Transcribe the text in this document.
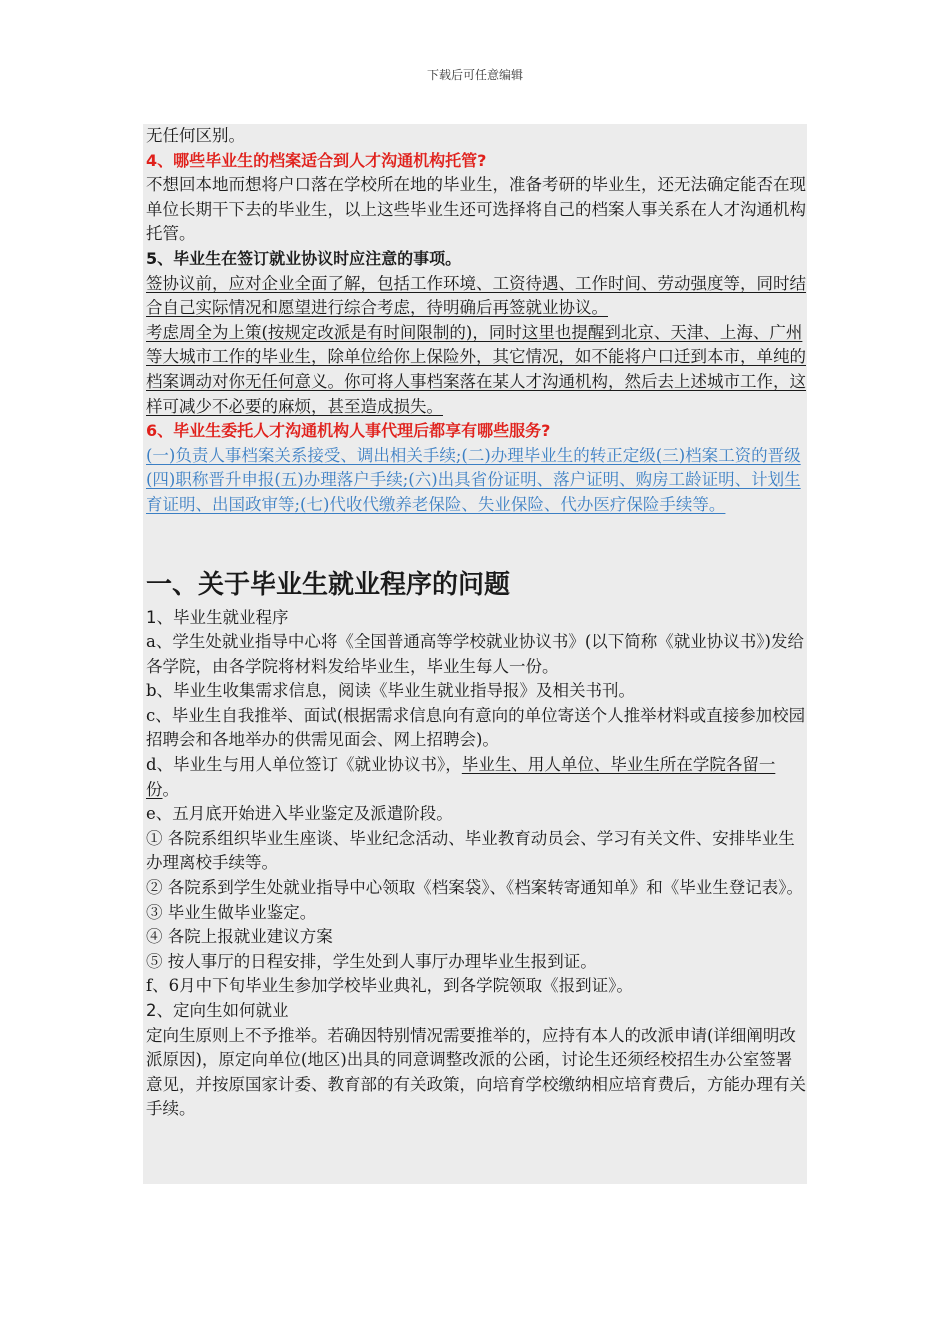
下载后可任意编辑

无任何区别。

4、哪些毕业生的档案适合到人才沟通机构托管?

不想回本地而想将户口落在学校所在地的毕业生，准备考研的毕业生，还无法确定能否在现单位长期干下去的毕业生，以上这些毕业生还可选择将自己的档案人事关系在人才沟通机构托管。

5、毕业生在签订就业协议时应注意的事项。

签协议前，应对企业全面了解，包括工作环境、工资待遇、工作时间、劳动强度等，同时结合自己实际情况和愿望进行综合考虑，待明确后再签就业协议。

考虑周全为上策(按规定改派是有时间限制的)，同时这里也提醒到北京、天津、上海、广州等大城市工作的毕业生，除单位给你上保险外，其它情况，如不能将户口迁到本市，单纯的档案调动对你无任何意义。你可将人事档案落在某人才沟通机构，然后去上述城市工作，这样可减少不必要的麻烦，甚至造成损失。

6、毕业生委托人才沟通机构人事代理后都享有哪些服务?

(一)负责人事档案关系接受、调出相关手续;(二)办理毕业生的转正定级(三)档案工资的晋级(四)职称晋升申报(五)办理落户手续;(六)出具省份证明、落户证明、购房工龄证明、计划生育证明、出国政审等;(七)代收代缴养老保险、失业保险、代办医疗保险手续等。

一、关于毕业生就业程序的问题

1、毕业生就业程序

a、学生处就业指导中心将《全国普通高等学校就业协议书》(以下简称《就业协议书》)发给各学院，由各学院将材料发给毕业生，毕业生每人一份。

b、毕业生收集需求信息，阅读《毕业生就业指导报》及相关书刊。

c、毕业生自我推举、面试(根据需求信息向有意向的单位寄送个人推举材料或直接参加校园招聘会和各地举办的供需见面会、网上招聘会)。

d、毕业生与用人单位签订《就业协议书》，毕业生、用人单位、毕业生所在学院各留一份。

e、五月底开始进入毕业鉴定及派遣阶段。

① 各院系组织毕业生座谈、毕业纪念活动、毕业教育动员会、学习有关文件、安排毕业生办理离校手续等。

② 各院系到学生处就业指导中心领取《档案袋》、《档案转寄通知单》和《毕业生登记表》。

③ 毕业生做毕业鉴定。

④ 各院上报就业建议方案

⑤ 按人事厅的日程安排，学生处到人事厅办理毕业生报到证。

f、6月中下旬毕业生参加学校毕业典礼，到各学院领取《报到证》。

2、定向生如何就业

定向生原则上不予推举。若确因特别情况需要推举的，应持有本人的改派申请(详细阐明改派原因)，原定向单位(地区)出具的同意调整改派的公函，讨论生还须经校招生办公室签署意见，并按原国家计委、教育部的有关政策，向培育学校缴纳相应培育费后，方能办理有关手续。
